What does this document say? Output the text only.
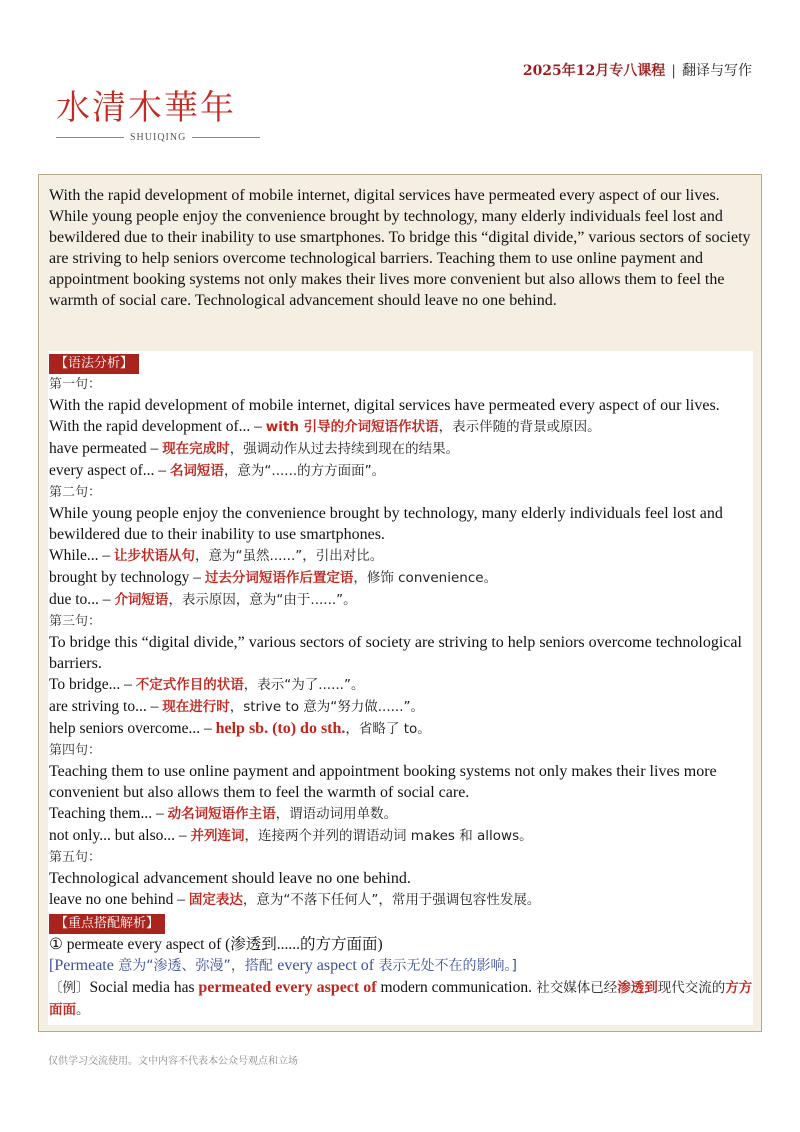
2025年12月专八课程 | 翻译与写作
水清木華年
SHUIQING
With the rapid development of mobile internet, digital services have permeated every aspect of our lives. While young people enjoy the convenience brought by technology, many elderly individuals feel lost and bewildered due to their inability to use smartphones. To bridge this “digital divide,” various sectors of society are striving to help seniors overcome technological barriers. Teaching them to use online payment and appointment booking systems not only makes their lives more convenient but also allows them to feel the warmth of social care. Technological advancement should leave no one behind.
【语法分析】
第一句：
With the rapid development of mobile internet, digital services have permeated every aspect of our lives.
With the rapid development of... – with 引导的介词短语作状语，表示伴随的背景或原因。
have permeated – 现在完成时，强调动作从过去持续到现在的结果。
every aspect of... – 名词短语，意为“......的方方面面”。
第二句：
While young people enjoy the convenience brought by technology, many elderly individuals feel lost and bewildered due to their inability to use smartphones.
While... – 让步状语从句，意为“虽然......”，引出对比。
brought by technology – 过去分词短语作后置定语，修饰 convenience。
due to... – 介词短语，表示原因，意为“由于......”。
第三句：
To bridge this “digital divide,” various sectors of society are striving to help seniors overcome technological barriers.
To bridge... – 不定式作目的状语，表示“为了......”。
are striving to... – 现在进行时，strive to 意为“努力做......”。
help seniors overcome... – help sb. (to) do sth.，省略了 to。
第四句：
Teaching them to use online payment and appointment booking systems not only makes their lives more convenient but also allows them to feel the warmth of social care.
Teaching them... – 动名词短语作主语，谓语动词用单数。
not only... but also... – 并列连词，连接两个并列的谓语动词 makes 和 allows。
第五句：
Technological advancement should leave no one behind.
leave no one behind – 固定表达，意为“不落下任何人”，常用于强调包容性发展。
【重点搭配解析】
① permeate every aspect of (渗透到......的方方面面)
[Permeate 意为“渗透、弥漫”，搭配 every aspect of 表示无处不在的影响。]
〔例〕Social media has permeated every aspect of modern communication. 社交媒体已经渗透到现代交流的方方面面。
仅供学习交流使用。文中内容不代表本公众号观点和立场
